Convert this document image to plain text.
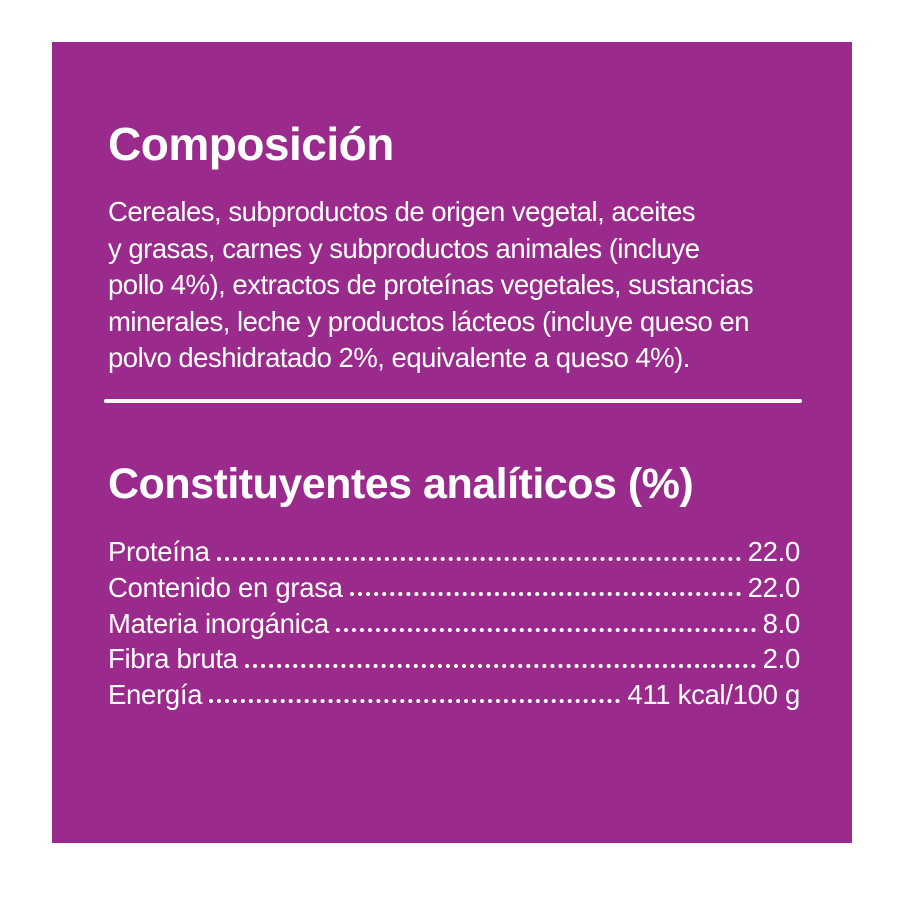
Composición
Cereales, subproductos de origen vegetal, aceites
y grasas, carnes y subproductos animales (incluye
pollo 4%), extractos de proteínas vegetales, sustancias
minerales, leche y productos lácteos (incluye queso en
polvo deshidratado 2%, equivalente a queso 4%).
Constituyentes analíticos (%)
Proteína	22.0
Contenido en grasa	22.0
Materia inorgánica	8.0
Fibra bruta	2.0
Energía	411 kcal/100 g
